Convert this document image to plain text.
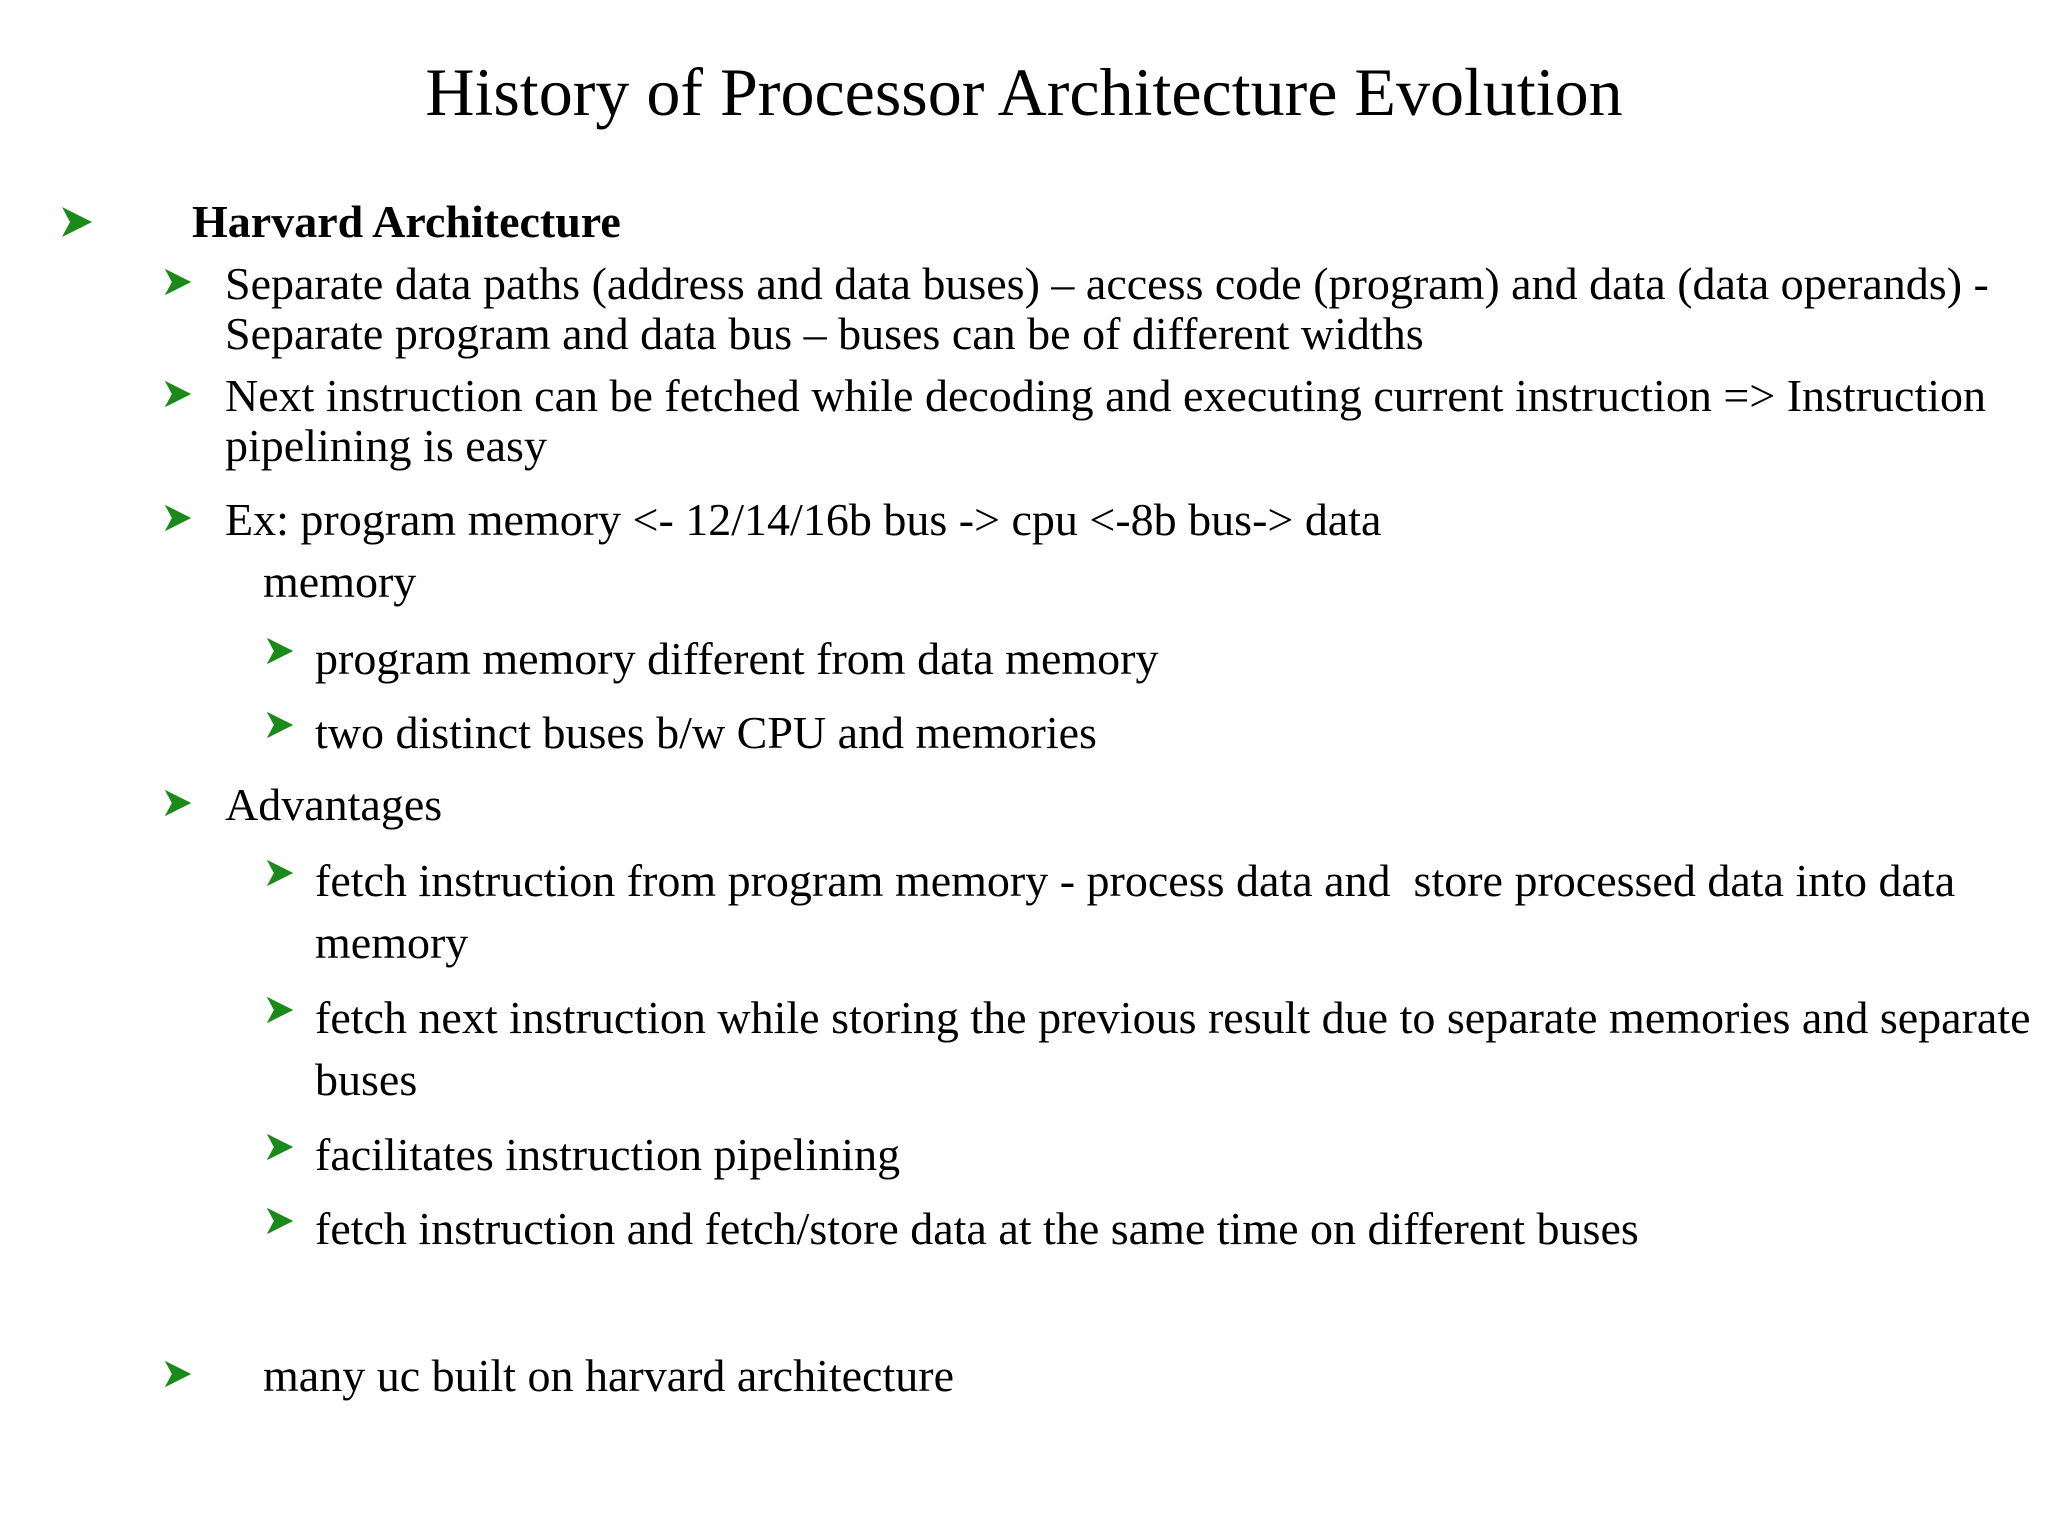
History of Processor Architecture Evolution
Harvard Architecture
Separate data paths (address and data buses) – access code (program) and data (data operands) - Separate program and data bus – buses can be of different widths
Next instruction can be fetched while decoding and executing current instruction => Instruction pipelining is easy
Ex: program memory <- 12/14/16b bus -> cpu <-8b bus-> data
memory
program memory different from data memory
two distinct buses b/w CPU and memories
Advantages
fetch instruction from program memory - process data and  store processed data into data memory
fetch next instruction while storing the previous result due to separate memories and separate buses
facilitates instruction pipelining
fetch instruction and fetch/store data at the same time on different buses
many uc built on harvard architecture
